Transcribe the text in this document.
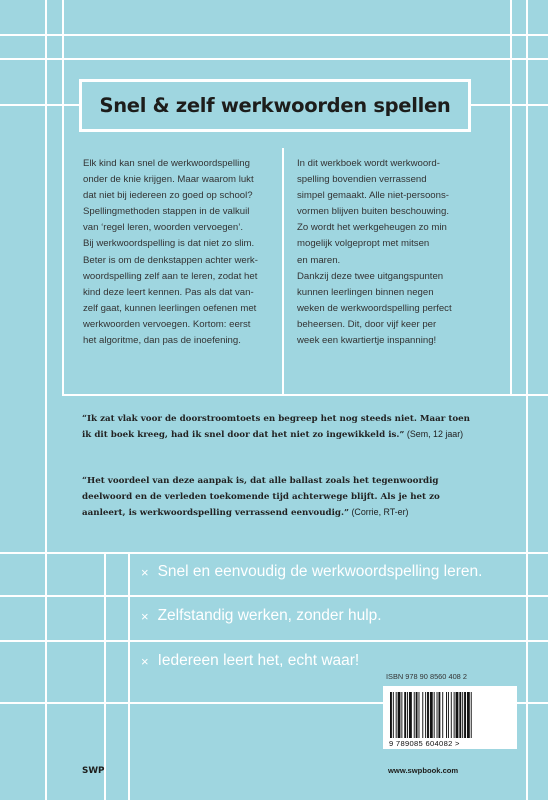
Snel & zelf werkwoorden spellen

Elk kind kan snel de werkwoordspelling

onder de knie krijgen. Maar waarom lukt

dat niet bij iedereen zo goed op school?

Spellingmethoden stappen in de valkuil

van ‘regel leren, woorden vervoegen’.

Bij werkwoordspelling is dat niet zo slim.

Beter is om de denkstappen achter werk-

woordspelling zelf aan te leren, zodat het

kind deze leert kennen. Pas als dat van-

zelf gaat, kunnen leerlingen oefenen met

werkwoorden vervoegen. Kortom: eerst

het algoritme, dan pas de inoefening.

In dit werkboek wordt werkwoord-

spelling bovendien verrassend

simpel gemaakt. Alle niet-persoons-

vormen blijven buiten beschouwing.

Zo wordt het werkgeheugen zo min

mogelijk volgepropt met mitsen

en maren.

Dankzij deze twee uitgangspunten

kunnen leerlingen binnen negen

weken de werkwoordspelling perfect

beheersen. Dit, door vijf keer per

week een kwartiertje inspanning!

“Ik zat vlak voor de doorstroomtoets en begreep het nog steeds niet. Maar toen ik dit boek kreeg, had ik snel door dat het niet zo ingewikkeld is.” (Sem, 12 jaar)
“Het voordeel van deze aanpak is, dat alle ballast zoals het tegenwoordig deelwoord en de verleden toekomende tijd achterwege blijft. Als je het zo aanleert, is werkwoordspelling verrassend eenvoudig.” (Corrie, RT-er)
× Snel en eenvoudig de werkwoordspelling leren.
× Zelfstandig werken, zonder hulp.
× Iedereen leert het, echt waar!
ISBN 978 90 8560 408 2
9 789085 604082 >
SWP	www.swpbook.com
